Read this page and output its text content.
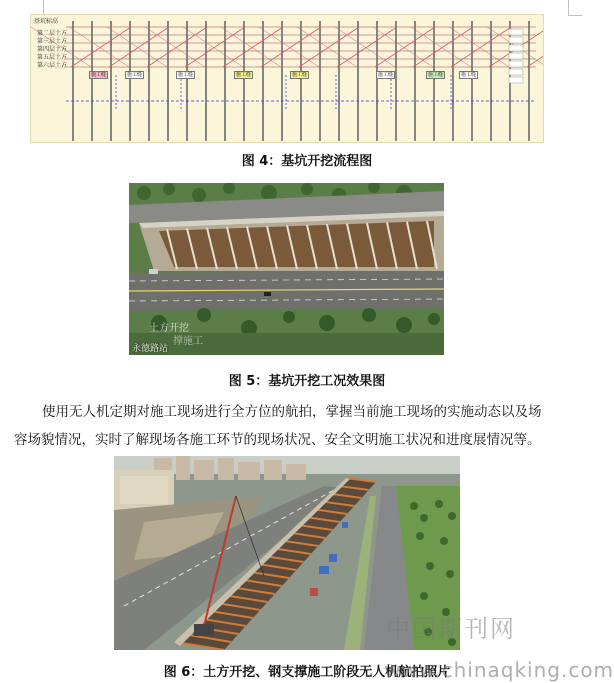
基坑标高
第二层土方
第三层土方
第四层土方
第五层土方
第六层土方
施工缝	施工缝	施工缝	施工缝	施工缝	施工缝	施工缝	施工缝
图 4：基坑开挖流程图
土方开挖
撑施工
永德路站
图 5：基坑开挖工况效果图
使用无人机定期对施工现场进行全方位的航拍，掌握当前施工现场的实施动态以及场
容场貌情况，实时了解现场各施工环节的现场状况、安全文明施工状况和进度展情况等。
中国期刊网
图 6：土方开挖、钢支撑施工阶段无人机航拍照片
www.chinaqking.com
